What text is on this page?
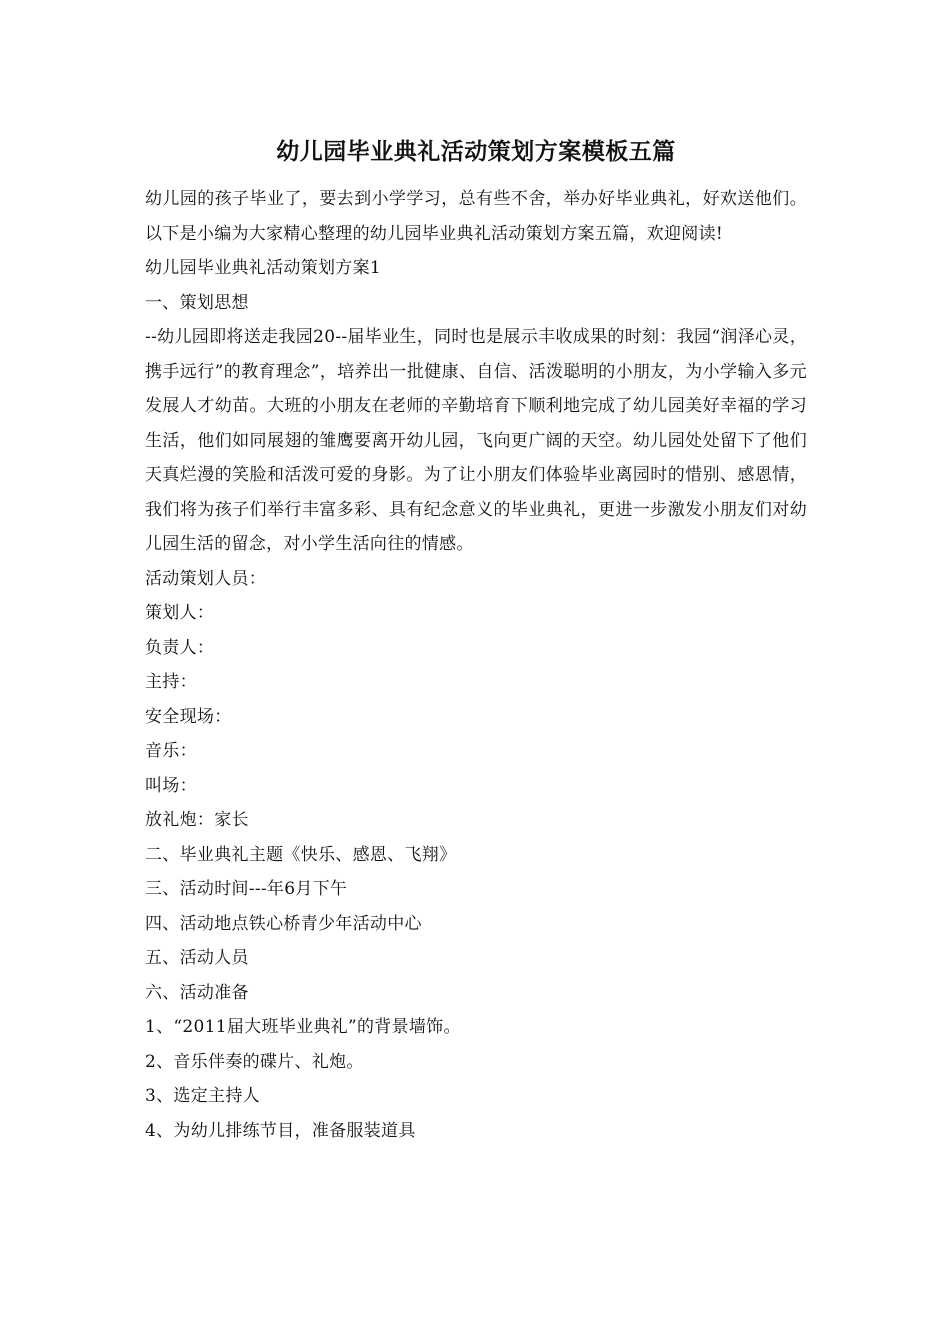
幼儿园毕业典礼活动策划方案模板五篇

幼儿园的孩子毕业了，要去到小学学习，总有些不舍，举办好毕业典礼，好欢送他们。以下是小编为大家精心整理的幼儿园毕业典礼活动策划方案五篇，欢迎阅读!

幼儿园毕业典礼活动策划方案1

一、策划思想

--幼儿园即将送走我园20--届毕业生，同时也是展示丰收成果的时刻：我园“润泽心灵，携手远行”的教育理念”，培养出一批健康、自信、活泼聪明的小朋友，为小学输入多元发展人才幼苗。大班的小朋友在老师的辛勤培育下顺利地完成了幼儿园美好幸福的学习生活，他们如同展翅的雏鹰要离开幼儿园，飞向更广阔的天空。幼儿园处处留下了他们天真烂漫的笑脸和活泼可爱的身影。为了让小朋友们体验毕业离园时的惜别、感恩情，我们将为孩子们举行丰富多彩、具有纪念意义的毕业典礼，更进一步激发小朋友们对幼儿园生活的留念，对小学生活向往的情感。

活动策划人员：

策划人：

负责人：

主持：

安全现场：

音乐：

叫场：

放礼炮：家长

二、毕业典礼主题《快乐、感恩、飞翔》

三、活动时间---年6月下午

四、活动地点铁心桥青少年活动中心

五、活动人员

六、活动准备

1、“2011届大班毕业典礼”的背景墙饰。

2、音乐伴奏的碟片、礼炮。

3、选定主持人

4、为幼儿排练节目，准备服装道具
